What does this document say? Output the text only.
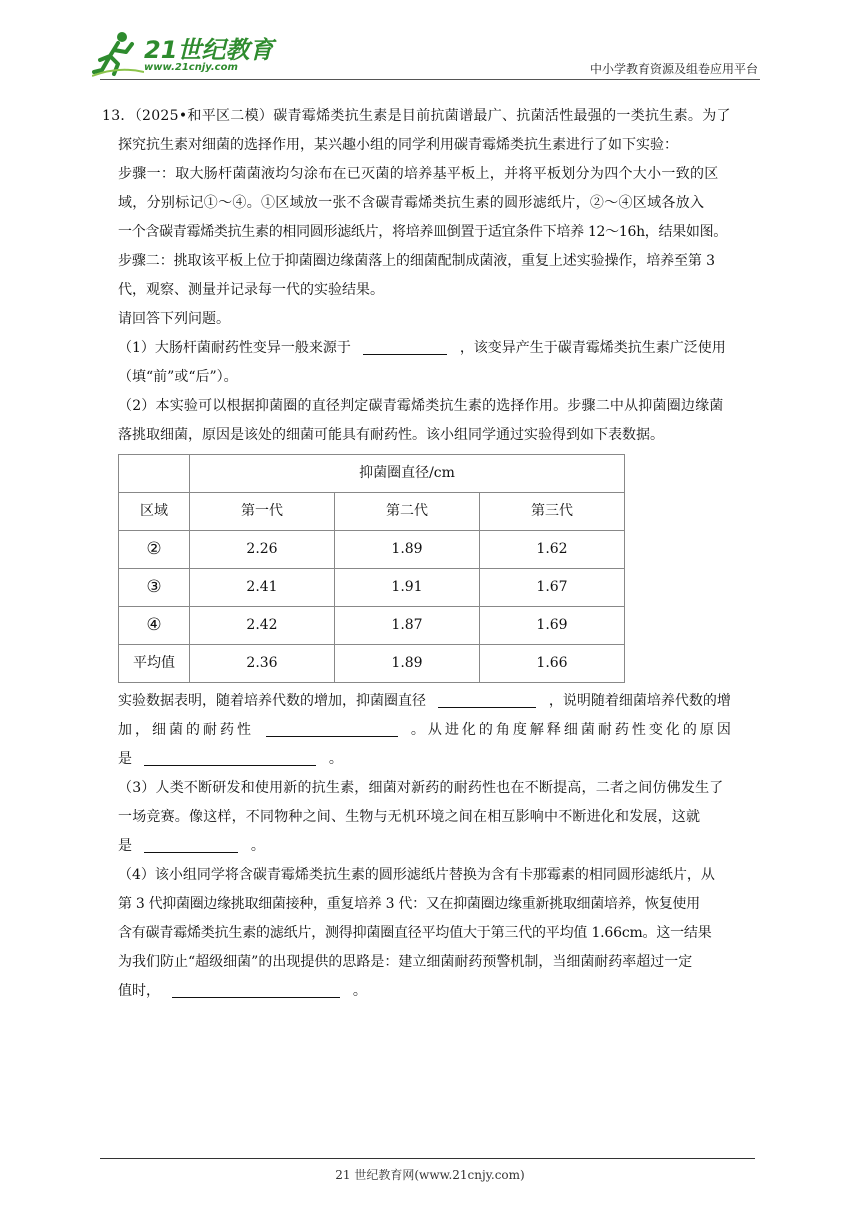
21世纪教育
www.21cnjy.com	中小学教育资源及组卷应用平台

13．（2025•和平区二模）碳青霉烯类抗生素是目前抗菌谱最广、抗菌活性最强的一类抗生素。为了

探究抗生素对细菌的选择作用，某兴趣小组的同学利用碳青霉烯类抗生素进行了如下实验：

步骤一：取大肠杆菌菌液均匀涂布在已灭菌的培养基平板上，并将平板划分为四个大小一致的区

域，分别标记①～④。①区域放一张不含碳青霉烯类抗生素的圆形滤纸片，②～④区域各放入

一个含碳青霉烯类抗生素的相同圆形滤纸片，将培养皿倒置于适宜条件下培养 12～16h，结果如图。

步骤二：挑取该平板上位于抑菌圈边缘菌落上的细菌配制成菌液，重复上述实验操作，培养至第 3

代，观察、测量并记录每一代的实验结果。

请回答下列问题。

（1）大肠杆菌耐药性变异一般来源于	，该变异产生于碳青霉烯类抗生素广泛使用

（填“前”或“后”）。

（2）本实验可以根据抑菌圈的直径判定碳青霉烯类抗生素的选择作用。步骤二中从抑菌圈边缘菌

落挑取细菌，原因是该处的细菌可能具有耐药性。该小组同学通过实验得到如下表数据。

	抑菌圈直径/cm		
区域	第一代	第二代	第三代
②	2.26	1.89	1.62
③	2.41	1.91	1.67
④	2.42	1.87	1.69
平均值	2.36	1.89	1.66

实验数据表明，随着培养代数的增加，抑菌圈直径	，说明随着细菌培养代数的增

加，细菌的耐药性	。从进化的角度解释细菌耐药性变化的原因

是	。

（3）人类不断研发和使用新的抗生素，细菌对新药的耐药性也在不断提高，二者之间仿佛发生了

一场竞赛。像这样，不同物种之间、生物与无机环境之间在相互影响中不断进化和发展，这就

是	。

（4）该小组同学将含碳青霉烯类抗生素的圆形滤纸片替换为含有卡那霉素的相同圆形滤纸片，从

第 3 代抑菌圈边缘挑取细菌接种，重复培养 3 代：又在抑菌圈边缘重新挑取细菌培养，恢复使用

含有碳青霉烯类抗生素的滤纸片，测得抑菌圈直径平均值大于第三代的平均值 1.66cm。这一结果

为我们防止“超级细菌”的出现提供的思路是：建立细菌耐药预警机制，当细菌耐药率超过一定

值时，	。

21 世纪教育网(www.21cnjy.com)
